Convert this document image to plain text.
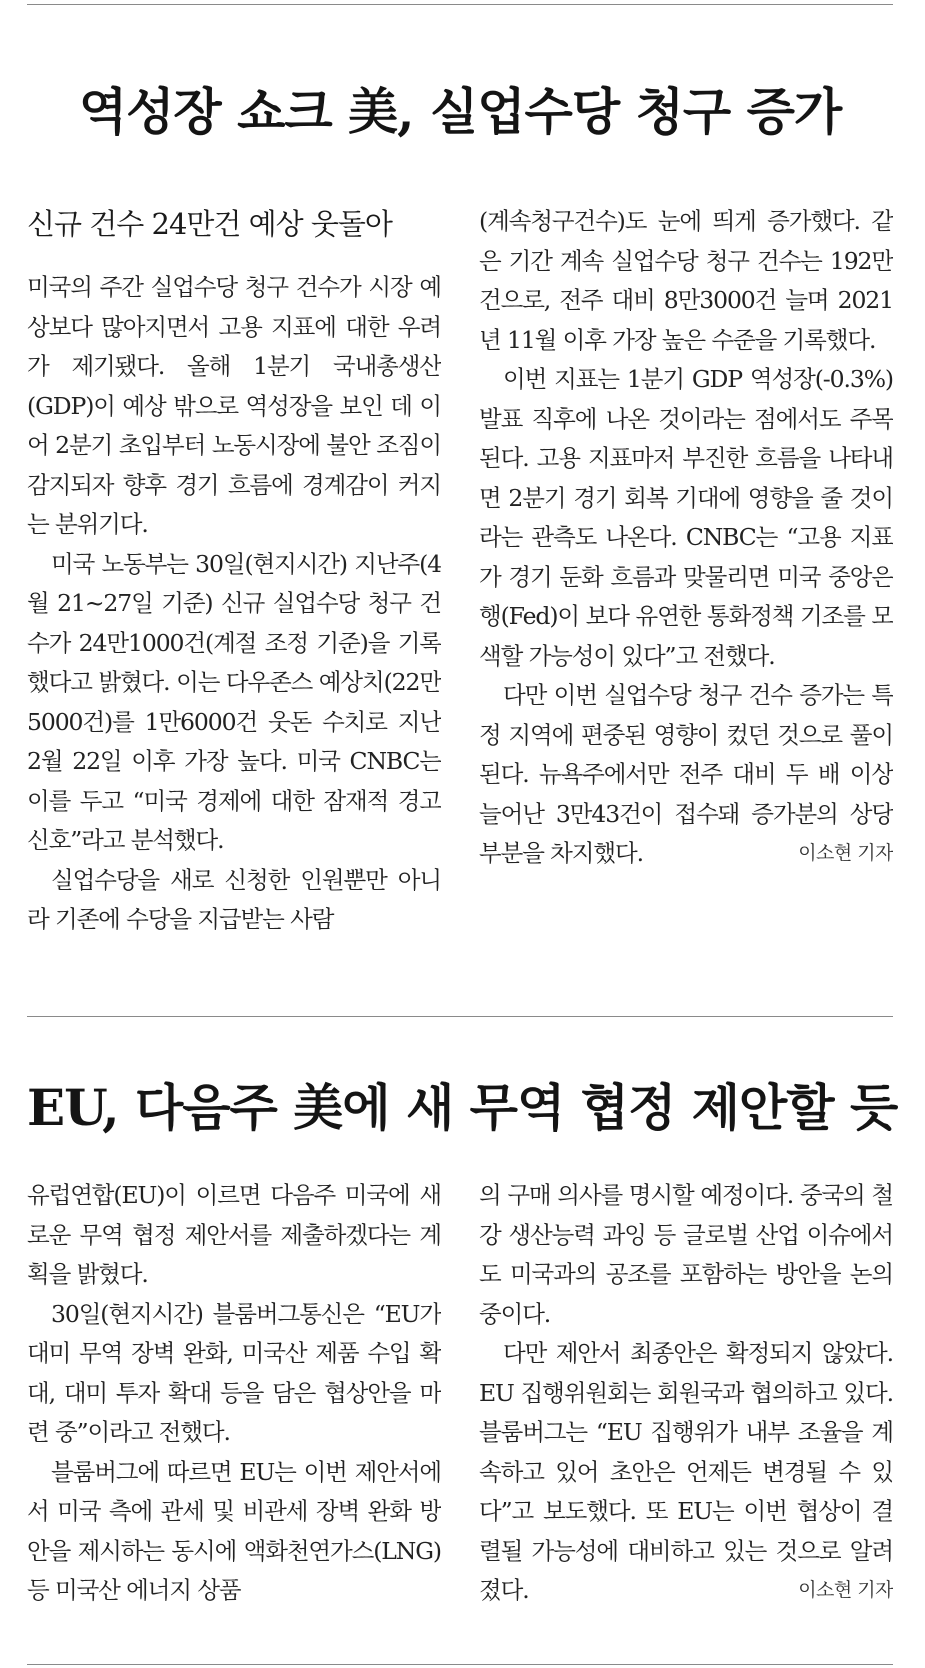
역성장 쇼크 美, 실업수당 청구 증가
신규 건수 24만건 예상 웃돌아

미국의 주간 실업수당 청구 건수가 시장 예상보다 많아지면서 고용 지표에 대한 우려가 제기됐다. 올해 1분기 국내총생산(GDP)이 예상 밖으로 역성장을 보인 데 이어 2분기 초입부터 노동시장에 불안 조짐이 감지되자 향후 경기 흐름에 경계감이 커지는 분위기다.

미국 노동부는 30일(현지시간) 지난주(4월 21~27일 기준) 신규 실업수당 청구 건수가 24만1000건(계절 조정 기준)을 기록했다고 밝혔다. 이는 다우존스 예상치(22만5000건)를 1만6000건 웃돈 수치로 지난 2월 22일 이후 가장 높다. 미국 CNBC는 이를 두고 “미국 경제에 대한 잠재적 경고 신호”라고 분석했다.

실업수당을 새로 신청한 인원뿐만 아니라 기존에 수당을 지급받는 사람

(계속청구건수)도 눈에 띄게 증가했다. 같은 기간 계속 실업수당 청구 건수는 192만 건으로, 전주 대비 8만3000건 늘며 2021년 11월 이후 가장 높은 수준을 기록했다.

이번 지표는 1분기 GDP 역성장(-0.3%) 발표 직후에 나온 것이라는 점에서도 주목된다. 고용 지표마저 부진한 흐름을 나타내면 2분기 경기 회복 기대에 영향을 줄 것이라는 관측도 나온다. CNBC는 “고용 지표가 경기 둔화 흐름과 맞물리면 미국 중앙은행(Fed)이 보다 유연한 통화정책 기조를 모색할 가능성이 있다”고 전했다.

다만 이번 실업수당 청구 건수 증가는 특정 지역에 편중된 영향이 컸던 것으로 풀이된다. 뉴욕주에서만 전주 대비 두 배 이상 늘어난 3만43건이 접수돼 증가분의 상당 부분을 차지했다.	이소현 기자

EU, 다음주 美에 새 무역 협정 제안할 듯

유럽연합(EU)이 이르면 다음주 미국에 새로운 무역 협정 제안서를 제출하겠다는 계획을 밝혔다.

30일(현지시간) 블룸버그통신은 “EU가 대미 무역 장벽 완화, 미국산 제품 수입 확대, 대미 투자 확대 등을 담은 협상안을 마련 중”이라고 전했다.

블룸버그에 따르면 EU는 이번 제안서에서 미국 측에 관세 및 비관세 장벽 완화 방안을 제시하는 동시에 액화천연가스(LNG) 등 미국산 에너지 상품

의 구매 의사를 명시할 예정이다. 중국의 철강 생산능력 과잉 등 글로벌 산업 이슈에서도 미국과의 공조를 포함하는 방안을 논의 중이다.

다만 제안서 최종안은 확정되지 않았다. EU 집행위원회는 회원국과 협의하고 있다. 블룸버그는 “EU 집행위가 내부 조율을 계속하고 있어 초안은 언제든 변경될 수 있다”고 보도했다. 또 EU는 이번 협상이 결렬될 가능성에 대비하고 있는 것으로 알려졌다.	이소현 기자
